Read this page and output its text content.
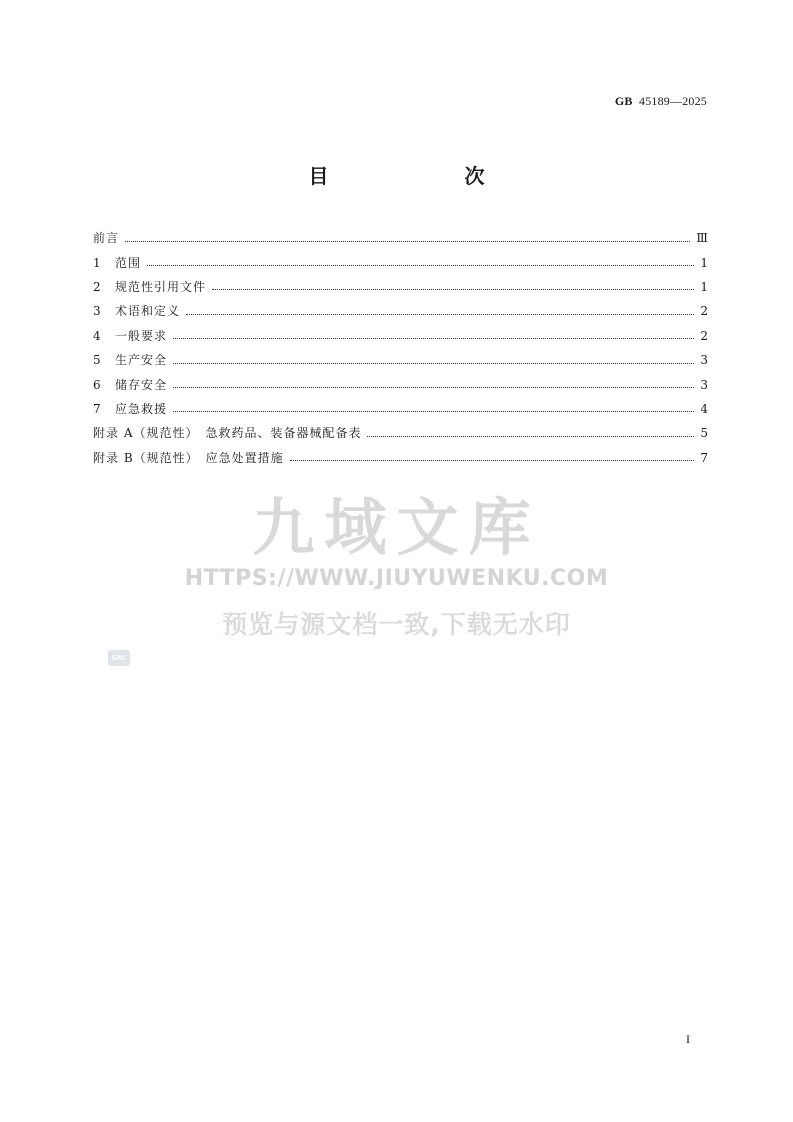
GB 45189—2025
目　　次
前言	Ⅲ
1	范围	1
2	规范性引用文件	1
3	术语和定义	2
4	一般要求	2
5	生产安全	3
6	储存安全	3
7	应急救援	4
附录 A（规范性）　急救药品、装备器械配备表	5
附录 B（规范性）　应急处置措施	7
九域文库
HTTPS://WWW.JIUYUWENKU.COM
预览与源文档一致,下载无水印
SAC
I
